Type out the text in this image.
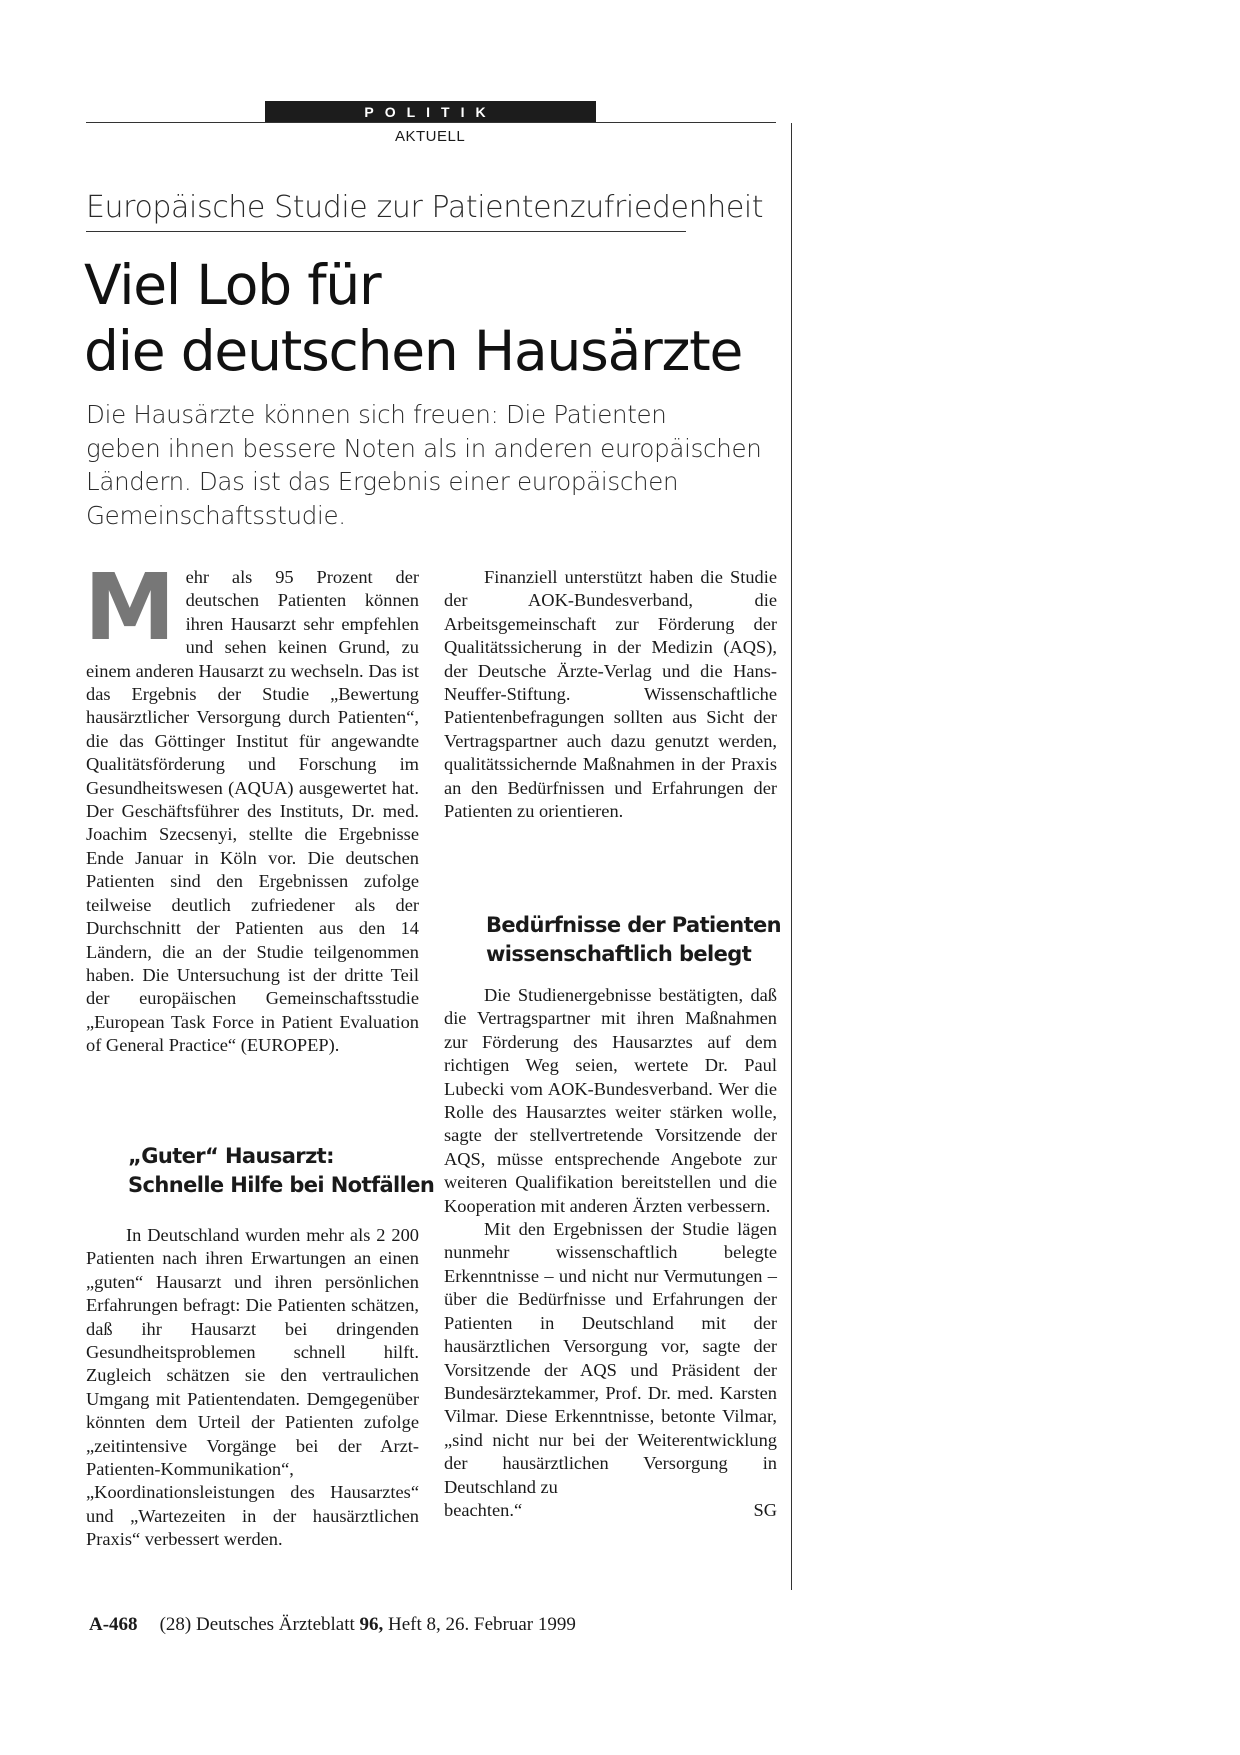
POLITIK
AKTUELL
Europäische Studie zur Patientenzufriedenheit
Viel Lob für
die deutschen Hausärzte
Die Hausärzte können sich freuen: Die Patienten
geben ihnen bessere Noten als in anderen europäischen
Ländern. Das ist das Ergebnis einer europäischen
Gemeinschaftsstudie.
M ehr als 95 Prozent der deutschen Patienten können ihren Hausarzt sehr empfehlen und sehen keinen Grund, zu einem anderen Hausarzt zu wechseln. Das ist das Ergebnis der Studie „Bewertung hausärztlicher Versorgung durch Patienten“, die das Göttinger Institut für angewandte Qualitätsförderung und Forschung im Gesundheitswesen (AQUA) ausgewertet hat. Der Geschäftsführer des Instituts, Dr. med. Joachim Szecsenyi, stellte die Ergebnisse Ende Januar in Köln vor. Die deutschen Patienten sind den Ergebnissen zufolge teilweise deutlich zufriedener als der Durchschnitt der Patienten aus den 14 Ländern, die an der Studie teilgenommen haben. Die Untersuchung ist der dritte Teil der europäischen Gemeinschaftsstudie „European Task Force in Patient Evaluation of General Practice“ (EUROPEP).

„Guter“ Hausarzt:
Schnelle Hilfe bei Notfällen

In Deutschland wurden mehr als 2 200 Patienten nach ihren Erwartungen an einen „guten“ Hausarzt und ihren persönlichen Erfahrungen befragt: Die Patienten schätzen, daß ihr Hausarzt bei dringenden Gesundheitsproblemen schnell hilft. Zugleich schätzen sie den vertraulichen Umgang mit Patientendaten. Demgegenüber könnten dem Urteil der Patienten zufolge „zeitintensive Vorgänge bei der Arzt-Patienten-Kommunikation“, „Koordinationsleistungen des Hausarztes“ und „Wartezeiten in der hausärztlichen Praxis“ verbessert werden.

Finanziell unterstützt haben die Studie der AOK-Bundesverband, die Arbeitsgemeinschaft zur Förderung der Qualitätssicherung in der Medizin (AQS), der Deutsche Ärzte-Verlag und die Hans-Neuffer-Stiftung. Wissenschaftliche Patientenbefragungen sollten aus Sicht der Vertragspartner auch dazu genutzt werden, qualitätssichernde Maßnahmen in der Praxis an den Bedürfnissen und Erfahrungen der Patienten zu orientieren.

Bedürfnisse der Patienten
wissenschaftlich belegt

Die Studienergebnisse bestätigten, daß die Vertragspartner mit ihren Maßnahmen zur Förderung des Hausarztes auf dem richtigen Weg seien, wertete Dr. Paul Lubecki vom AOK-Bundesverband. Wer die Rolle des Hausarztes weiter stärken wolle, sagte der stellvertretende Vorsitzende der AQS, müsse entsprechende Angebote zur weiteren Qualifikation bereitstellen und die Kooperation mit anderen Ärzten verbessern.

Mit den Ergebnissen der Studie lägen nunmehr wissenschaftlich belegte Erkenntnisse – und nicht nur Vermutungen – über die Bedürfnisse und Erfahrungen der Patienten in Deutschland mit der hausärztlichen Versorgung vor, sagte der Vorsitzende der AQS und Präsident der Bundesärztekammer, Prof. Dr. med. Karsten Vilmar. Diese Erkenntnisse, betonte Vilmar, „sind nicht nur bei der Weiterentwicklung der hausärztlichen Versorgung in Deutschland zu

beachten.“	SG
A-468 (28) Deutsches Ärzteblatt 96, Heft 8, 26. Februar 1999
